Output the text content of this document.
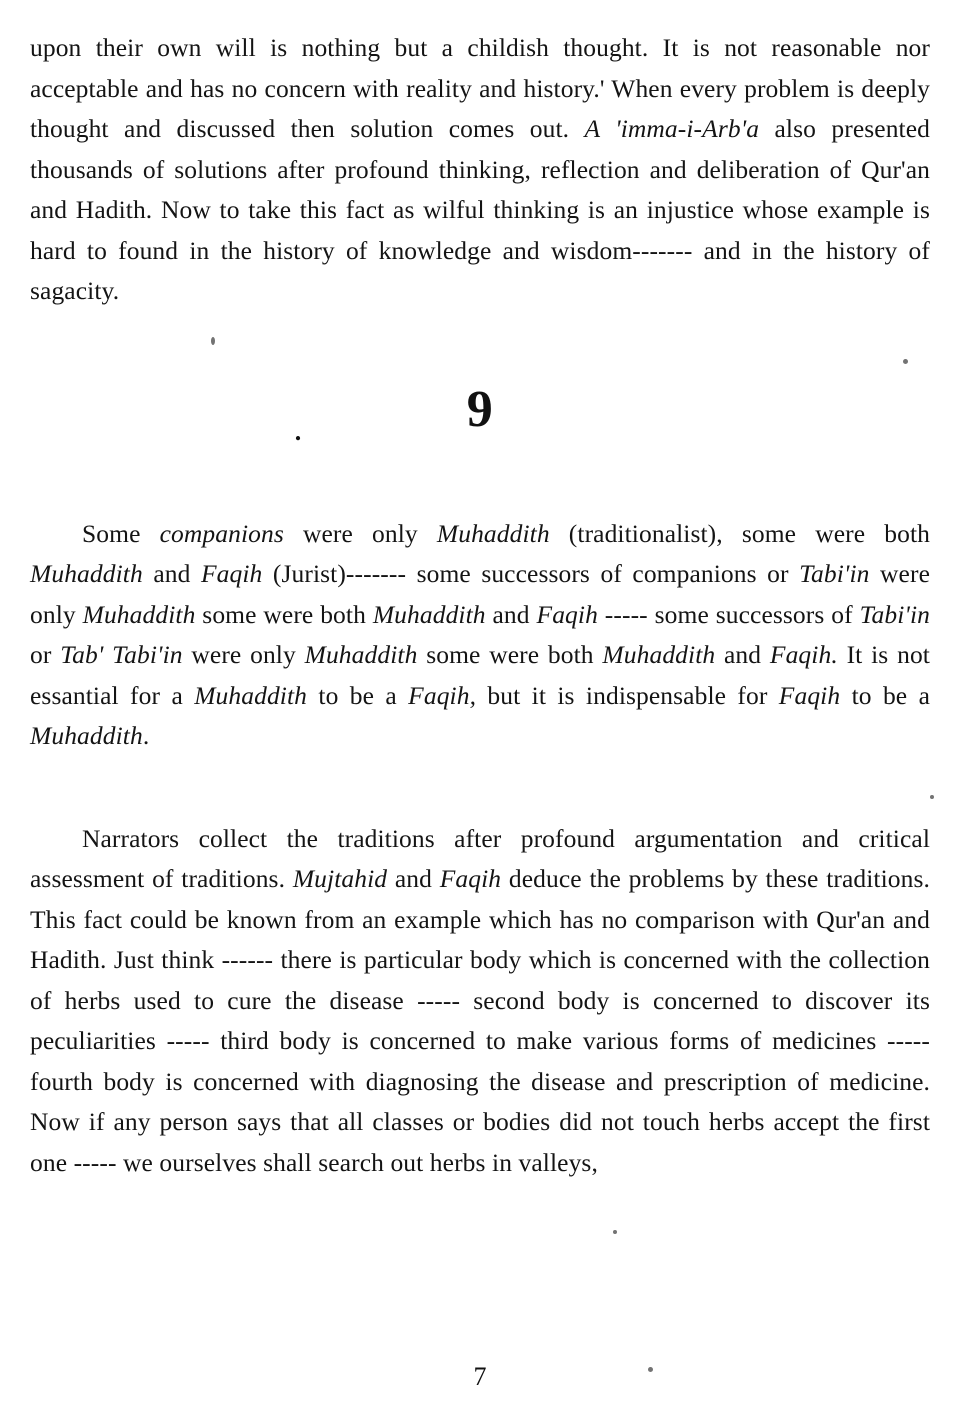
upon their own will is nothing but a childish thought. It is not reasonable nor acceptable and has no concern with reality and history.' When every problem is deeply thought and discussed then solution comes out. A 'imma-i-Arb'a also presented thousands of solutions after profound thinking, reflection and deliberation of Qur'an and Hadith. Now to take this fact as wilful thinking is an injustice whose example is hard to found in the history of knowledge and wisdom------- and in the history of sagacity.

.	9

Some companions were only Muhaddith (traditionalist), some were both Muhaddith and Faqih (Jurist)------- some successors of companions or Tabi'in were only Muhaddith some were both Muhaddith and Faqih ----- some successors of Tabi'in or Tab' Tabi'in were only Muhaddith some were both Muhaddith and Faqih. It is not essantial for a Muhaddith to be a Faqih, but it is indispensable for Faqih to be a Muhaddith.

Narrators collect the traditions after profound argumentation and critical assessment of traditions. Mujtahid and Faqih deduce the problems by these traditions. This fact could be known from an example which has no comparison with Qur'an and Hadith. Just think ------ there is particular body which is concerned with the collection of herbs used to cure the disease ----- second body is concerned to discover its peculiarities ----- third body is concerned to make various forms of medicines ----- fourth body is concerned with diagnosing the disease and prescription of medicine. Now if any person says that all classes or bodies did not touch herbs accept the first one ----- we ourselves shall search out herbs in valleys,

7
